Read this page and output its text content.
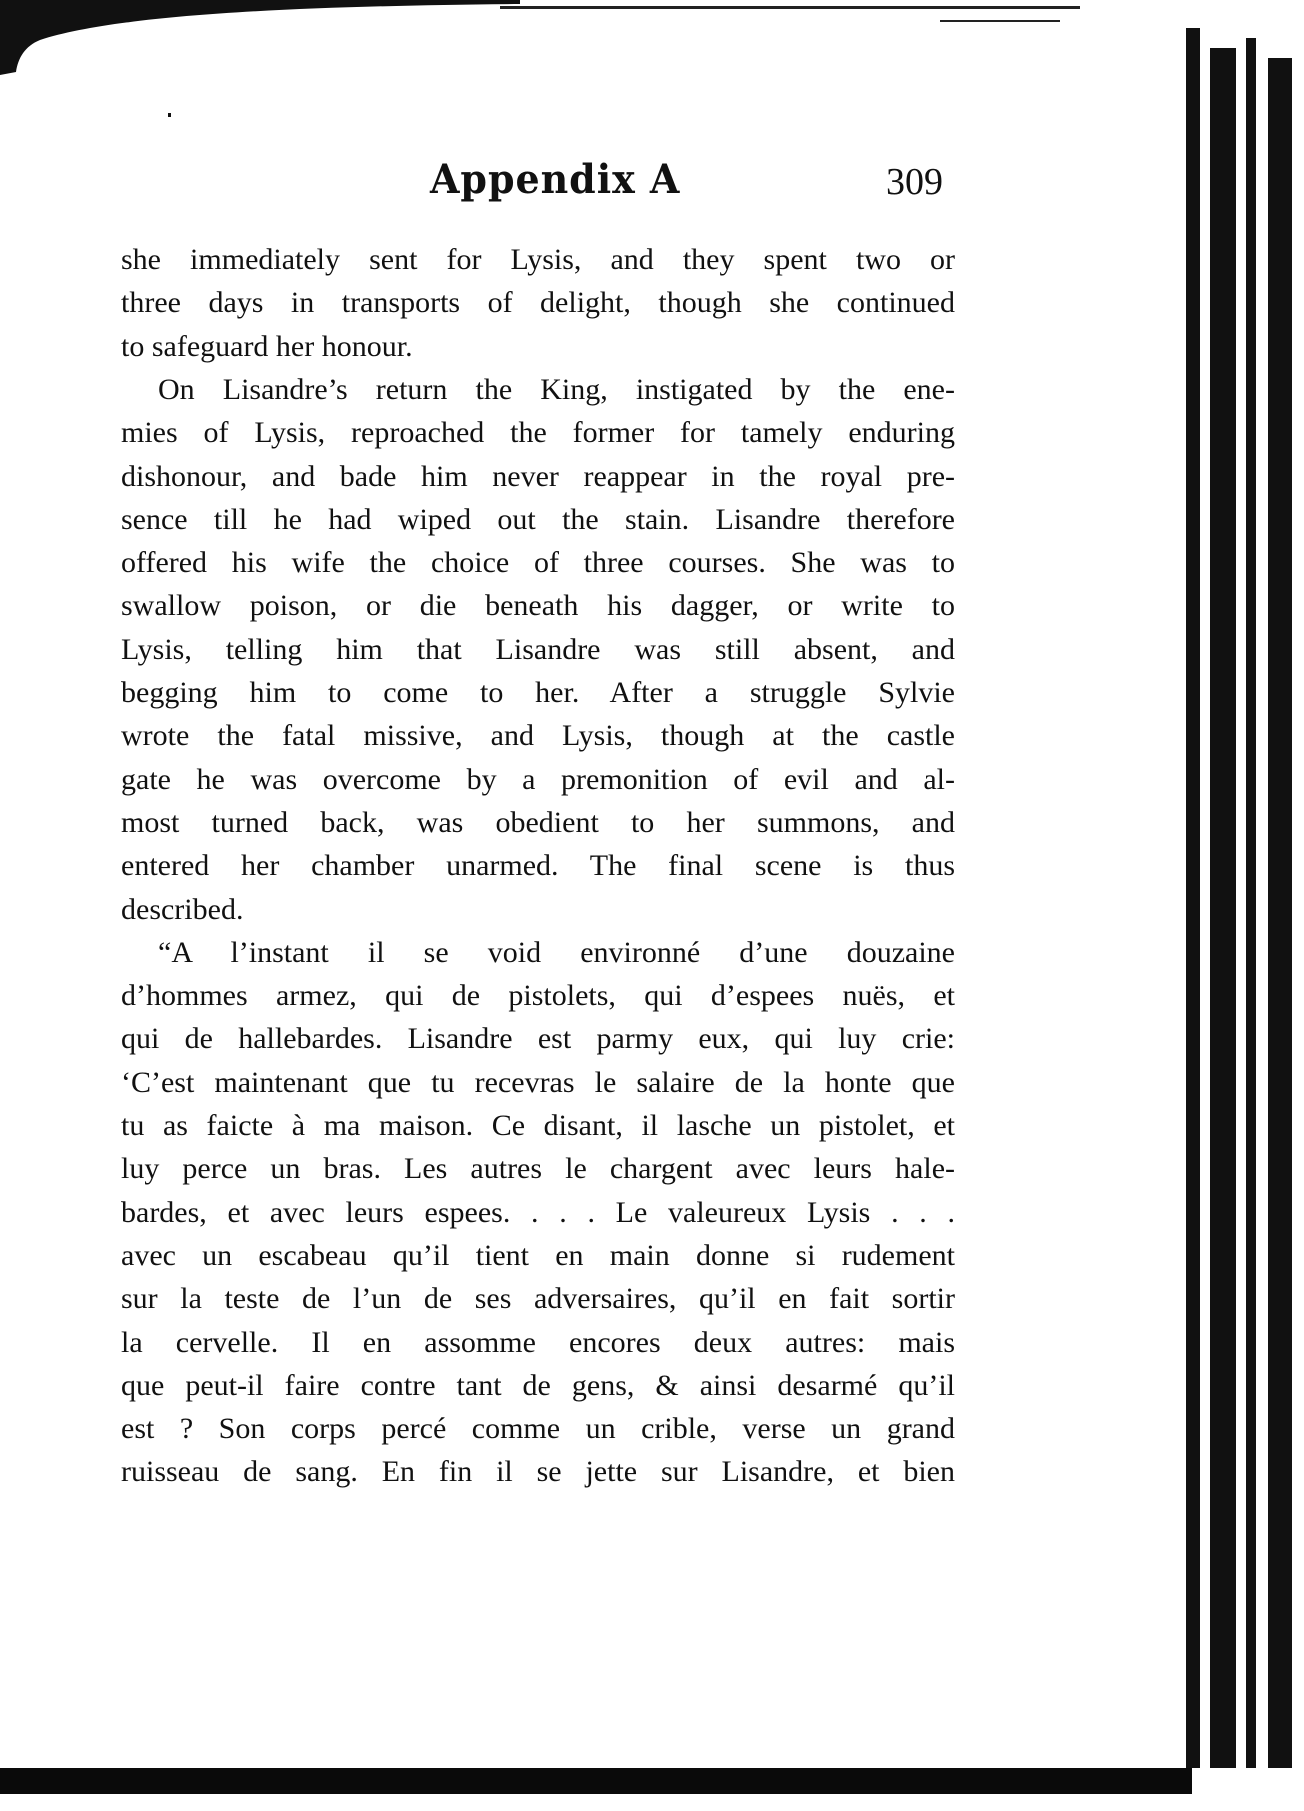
Appendix A	309
she immediately sent for Lysis, and they spent two or
three days in transports of delight, though she continued
to safeguard her honour.
On Lisandre’s return the King, instigated by the ene-
mies of Lysis, reproached the former for tamely enduring
dishonour, and bade him never reappear in the royal pre-
sence till he had wiped out the stain. Lisandre therefore
offered his wife the choice of three courses. She was to
swallow poison, or die beneath his dagger, or write to
Lysis, telling him that Lisandre was still absent, and
begging him to come to her. After a struggle Sylvie
wrote the fatal missive, and Lysis, though at the castle
gate he was overcome by a premonition of evil and al-
most turned back, was obedient to her summons, and
entered her chamber unarmed. The final scene is thus
described.
“A l’instant il se void environné d’une douzaine
d’hommes armez, qui de pistolets, qui d’espees nuës, et
qui de hallebardes. Lisandre est parmy eux, qui luy crie:
‘C’est maintenant que tu recevras le salaire de la honte que
tu as faicte à ma maison. Ce disant, il lasche un pistolet, et
luy perce un bras. Les autres le chargent avec leurs hale-
bardes, et avec leurs espees. . . . Le valeureux Lysis . . .
avec un escabeau qu’il tient en main donne si rudement
sur la teste de l’un de ses adversaires, qu’il en fait sortir
la cervelle. Il en assomme encores deux autres: mais
que peut-il faire contre tant de gens, & ainsi desarmé qu’il
est ? Son corps percé comme un crible, verse un grand
ruisseau de sang. En fin il se jette sur Lisandre, et bien
